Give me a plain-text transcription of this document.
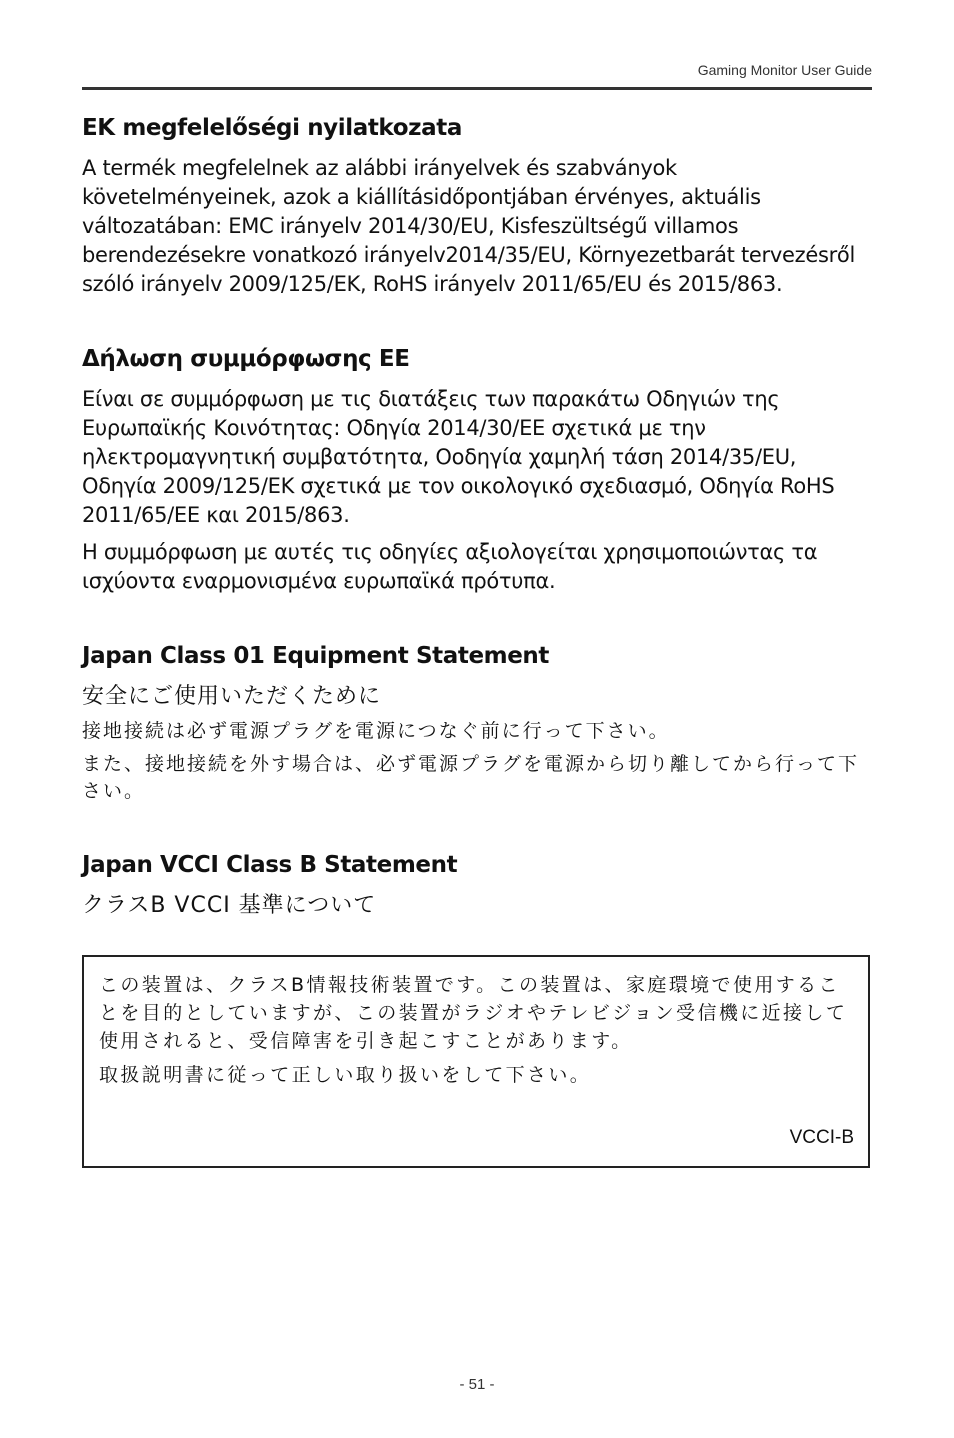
Gaming Monitor User Guide
EK megfelelőségi nyilatkozata

A termék megfelelnek az alábbi irányelvek és szabványok követelményeinek, azok a kiállításidőpontjában érvényes, aktuális változatában: EMC irányelv 2014/30/EU, Kisfeszültségű villamos berendezésekre vonatkozó irányelv2014/35/EU, Környezetbarát tervezésről szóló irányelv 2009/125/EK, RoHS irányelv 2011/65/EU és 2015/863.

Δήλωση συμμόρφωσης ΕΕ

Είναι σε συμμόρφωση με τις διατάξεις των παρακάτω Οδηγιών της Ευρωπαϊκής Κοινότητας: Οδηγία 2014/30/ΕΕ σχετικά με την ηλεκτρομαγνητική συμβατότητα, Οοδηγία χαμηλή τάση 2014/35/EU, Οδηγία 2009/125/ΕΚ σχετικά με τον οικολογικό σχεδιασμό, Οδηγία RoHS 2011/65/ΕΕ και 2015/863.

Η συμμόρφωση με αυτές τις οδηγίες αξιολογείται χρησιμοποιώντας τα ισχύοντα εναρμονισμένα ευρωπαϊκά πρότυπα.

Japan Class 01 Equipment Statement

安全にご使用いただくために

接地接続は必ず電源プラグを電源につなぐ前に行って下さい。

また、接地接続を外す場合は、必ず電源プラグを電源から切り離してから行って下さい。

Japan VCCI Class B Statement

クラスB VCCI 基準について

この装置は、クラスB情報技術装置です。この装置は、家庭環境で使用することを目的としていますが、この装置がラジオやテレビジョン受信機に近接して使用されると、受信障害を引き起こすことがあります。

取扱説明書に従って正しい取り扱いをして下さい。

VCCI-B
- 51 -
